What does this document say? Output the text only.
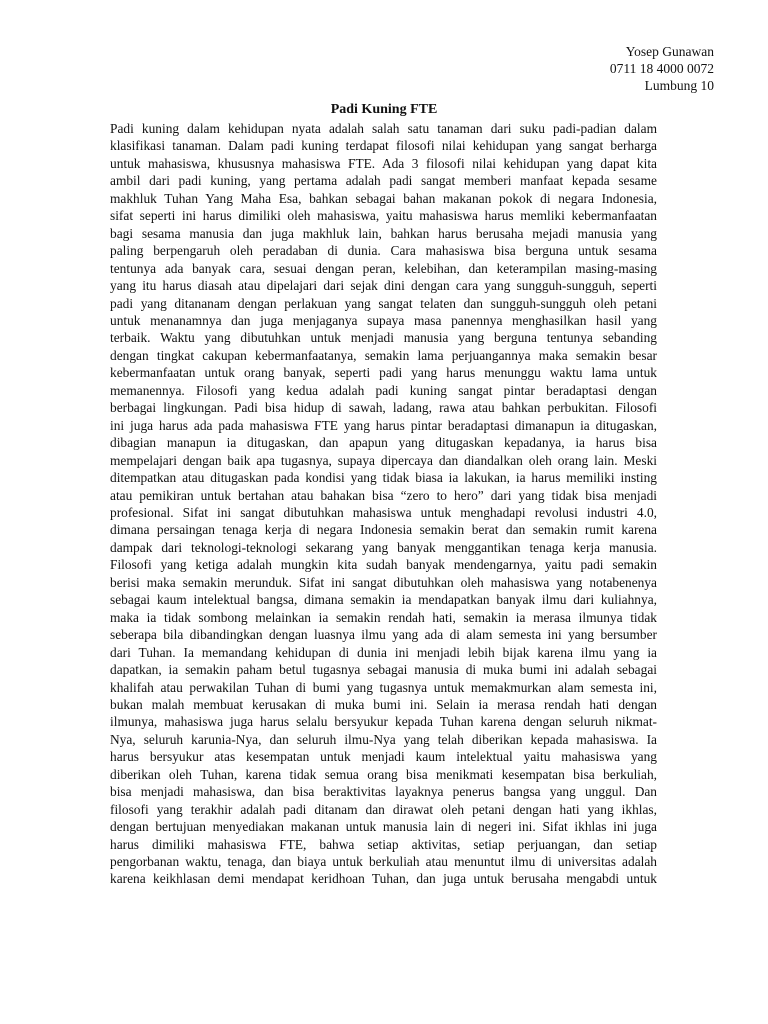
Yosep Gunawan
0711 18 4000 0072
Lumbung 10
Padi Kuning FTE
Padi kuning dalam kehidupan nyata adalah salah satu tanaman dari suku padi-padian dalam
klasifikasi tanaman. Dalam padi kuning terdapat filosofi nilai kehidupan yang sangat berharga
untuk mahasiswa, khususnya mahasiswa FTE. Ada 3 filosofi nilai kehidupan yang dapat kita
ambil dari padi kuning, yang pertama adalah padi sangat memberi manfaat kepada sesame
makhluk Tuhan Yang Maha Esa, bahkan sebagai bahan makanan pokok di negara Indonesia,
sifat seperti ini harus dimiliki oleh mahasiswa, yaitu mahasiswa harus memliki kebermanfaatan
bagi sesama manusia dan juga makhluk lain, bahkan harus berusaha mejadi manusia yang
paling berpengaruh oleh peradaban di dunia. Cara mahasiswa bisa berguna untuk sesama
tentunya ada banyak cara, sesuai dengan peran, kelebihan, dan keterampilan masing-masing
yang itu harus diasah atau dipelajari dari sejak dini dengan cara yang sungguh-sungguh, seperti
padi yang ditananam dengan perlakuan yang sangat telaten dan sungguh-sungguh oleh petani
untuk menanamnya dan juga menjaganya supaya masa panennya menghasilkan hasil yang
terbaik. Waktu yang dibutuhkan untuk menjadi manusia yang berguna tentunya sebanding
dengan tingkat cakupan kebermanfaatanya, semakin lama perjuangannya maka semakin besar
kebermanfaatan untuk orang banyak, seperti padi yang harus menunggu waktu lama untuk
memanennya. Filosofi yang kedua adalah padi kuning sangat pintar beradaptasi dengan
berbagai lingkungan. Padi bisa hidup di sawah, ladang, rawa atau bahkan perbukitan. Filosofi
ini juga harus ada pada mahasiswa FTE yang harus pintar beradaptasi dimanapun ia ditugaskan,
dibagian manapun ia ditugaskan, dan apapun yang ditugaskan kepadanya, ia harus bisa
mempelajari dengan baik apa tugasnya, supaya dipercaya dan diandalkan oleh orang lain. Meski
ditempatkan atau ditugaskan pada kondisi yang tidak biasa ia lakukan, ia harus memiliki insting
atau pemikiran untuk bertahan atau bahakan bisa “zero to hero” dari yang tidak bisa menjadi
profesional. Sifat ini sangat dibutuhkan mahasiswa untuk menghadapi revolusi industri 4.0,
dimana persaingan tenaga kerja di negara Indonesia semakin berat dan semakin rumit karena
dampak dari teknologi-teknologi sekarang yang banyak menggantikan tenaga kerja manusia.
Filosofi yang ketiga adalah mungkin kita sudah banyak mendengarnya, yaitu padi semakin
berisi maka semakin merunduk. Sifat ini sangat dibutuhkan oleh mahasiswa yang notabenenya
sebagai kaum intelektual bangsa, dimana semakin ia mendapatkan banyak ilmu dari kuliahnya,
maka ia tidak sombong melainkan ia semakin rendah hati, semakin ia merasa ilmunya tidak
seberapa bila dibandingkan dengan luasnya ilmu yang ada di alam semesta ini yang bersumber
dari Tuhan. Ia memandang kehidupan di dunia ini menjadi lebih bijak karena ilmu yang ia
dapatkan, ia semakin paham betul tugasnya sebagai manusia di muka bumi ini adalah sebagai
khalifah atau perwakilan Tuhan di bumi yang tugasnya untuk memakmurkan alam semesta ini,
bukan malah membuat kerusakan di muka bumi ini. Selain ia merasa rendah hati dengan
ilmunya, mahasiswa juga harus selalu bersyukur kepada Tuhan karena dengan seluruh nikmat-
Nya, seluruh karunia-Nya, dan seluruh ilmu-Nya yang telah diberikan kepada mahasiswa. Ia
harus bersyukur atas kesempatan untuk menjadi kaum intelektual yaitu mahasiswa yang
diberikan oleh Tuhan, karena tidak semua orang bisa menikmati kesempatan bisa berkuliah,
bisa menjadi mahasiswa, dan bisa beraktivitas layaknya penerus bangsa yang unggul. Dan
filosofi yang terakhir adalah padi ditanam dan dirawat oleh petani dengan hati yang ikhlas,
dengan bertujuan menyediakan makanan untuk manusia lain di negeri ini. Sifat ikhlas ini juga
harus dimiliki mahasiswa FTE, bahwa setiap aktivitas, setiap perjuangan, dan setiap
pengorbanan waktu, tenaga, dan biaya untuk berkuliah atau menuntut ilmu di universitas adalah
karena keikhlasan demi mendapat keridhoan Tuhan, dan juga untuk berusaha mengabdi untuk
